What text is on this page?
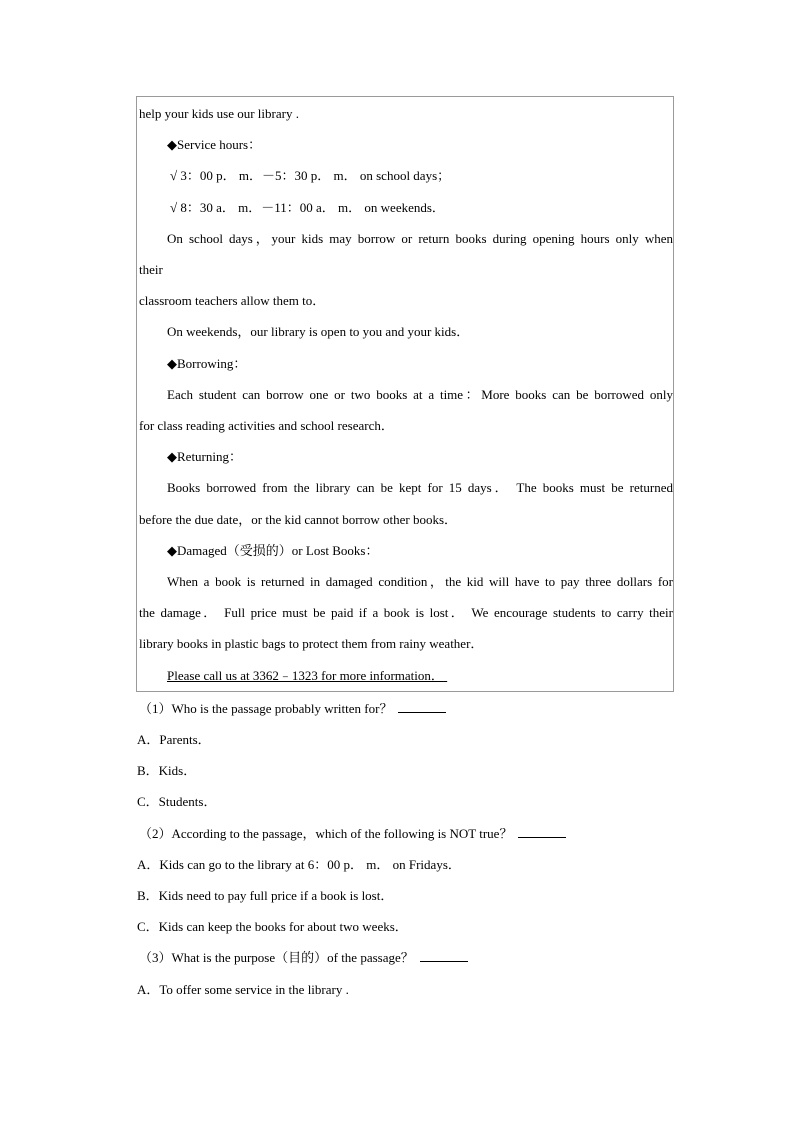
help your kids use our library .
◆Service hours：
√ 3：00 p． m．－5：30 p． m． on school days；
√ 8：30 a． m．－11：00 a． m． on weekends．
On school days，your kids may borrow or return books during opening hours only when
their
classroom teachers allow them to．
On weekends，our library is open to you and your kids．
◆Borrowing：
Each student can borrow one or two books at a time：More books can be borrowed only
for class reading activities and school research．
◆Returning：
Books borrowed from the library can be kept for 15 days． The books must be returned
before the due date，or the kid cannot borrow other books．
◆Damaged（受损的）or Lost Books：
When a book is returned in damaged condition，the kid will have to pay three dollars for
the damage． Full price must be paid if a book is lost． We encourage students to carry their
library books in plastic bags to protect them from rainy weather．
Please call us at 3362﹣1323 for more information．
（1）Who is the passage probably written for？
A．Parents．
B．Kids．
C．Students．
（2）According to the passage，which of the following is NOT true？
A．Kids can go to the library at 6：00 p． m． on Fridays．
B．Kids need to pay full price if a book is lost．
C．Kids can keep the books for about two weeks．
（3）What is the purpose（目的）of the passage？
A．To offer some service in the library .
